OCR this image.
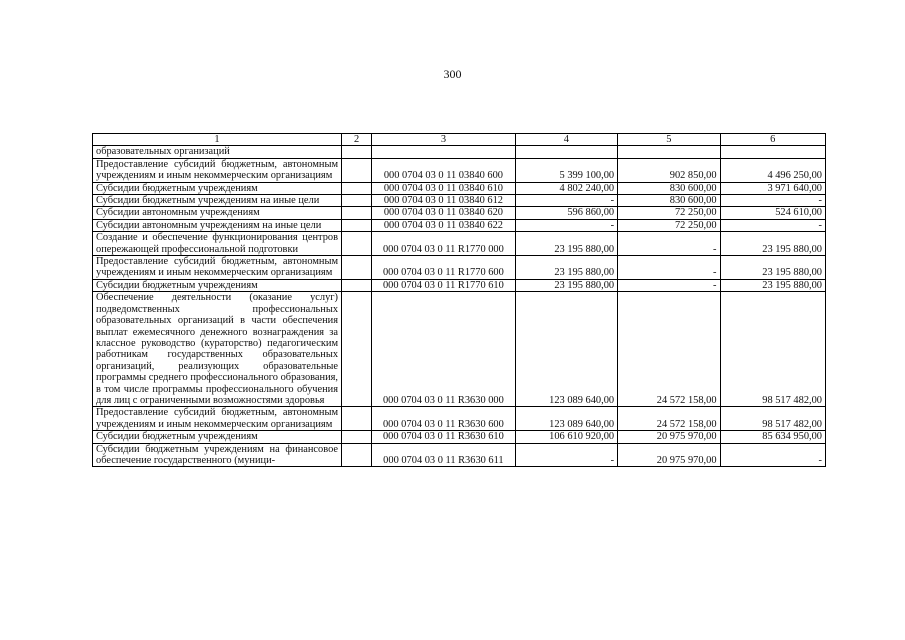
300
1	2	3	4	5	6
образовательных организаций					
Предоставление субсидий бюджетным, автономным учреждениям и иным некоммерческим организациям		000 0704 03 0 11 03840 600	5 399 100,00	902 850,00	4 496 250,00
Субсидии бюджетным учреждениям		000 0704 03 0 11 03840 610	4 802 240,00	830 600,00	3 971 640,00
Субсидии бюджетным учреждениям на иные цели		000 0704 03 0 11 03840 612	-	830 600,00	-
Субсидии автономным учреждениям		000 0704 03 0 11 03840 620	596 860,00	72 250,00	524 610,00
Субсидии автономным учреждениям на иные цели		000 0704 03 0 11 03840 622	-	72 250,00	-
Создание и обеспечение функционирования центров опережающей профессиональной подготовки		000 0704 03 0 11 R1770 000	23 195 880,00	-	23 195 880,00
Предоставление субсидий бюджетным, автономным учреждениям и иным некоммерческим организациям		000 0704 03 0 11 R1770 600	23 195 880,00	-	23 195 880,00
Субсидии бюджетным учреждениям		000 0704 03 0 11 R1770 610	23 195 880,00	-	23 195 880,00
Обеспечение деятельности (оказание услуг) подведомственных профессиональных образовательных организаций в части обеспечения выплат ежемесячного денежного вознаграждения за классное руководство (кураторство) педагогическим работникам государственных образовательных организаций, реализующих образовательные программы среднего профессионального образования, в том числе программы профессионального обучения для лиц с ограниченными возможностями здоровья		000 0704 03 0 11 R3630 000	123 089 640,00	24 572 158,00	98 517 482,00
Предоставление субсидий бюджетным, автономным учреждениям и иным некоммерческим организациям		000 0704 03 0 11 R3630 600	123 089 640,00	24 572 158,00	98 517 482,00
Субсидии бюджетным учреждениям		000 0704 03 0 11 R3630 610	106 610 920,00	20 975 970,00	85 634 950,00
Субсидии бюджетным учреждениям на финансовое обеспечение государственного (муници-		000 0704 03 0 11 R3630 611	-	20 975 970,00	-
